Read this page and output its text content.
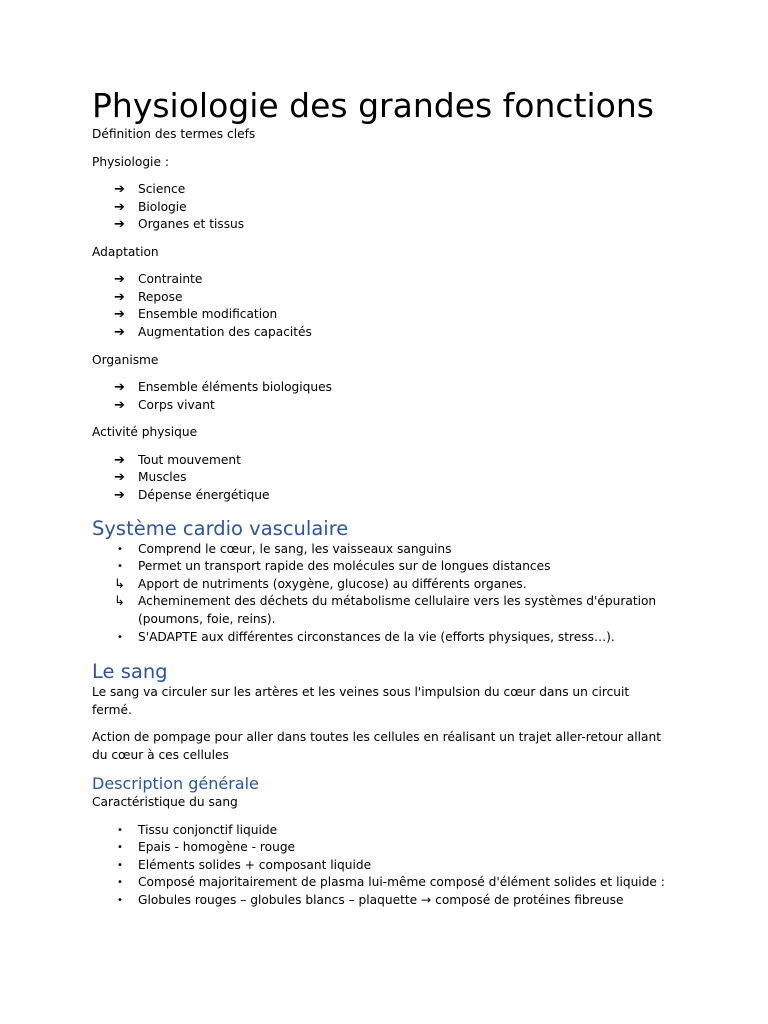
Physiologie des grandes fonctions

Définition des termes clefs

Physiologie :

➔	Science
➔	Biologie
➔	Organes et tissus

Adaptation

➔	Contrainte
➔	Repose
➔	Ensemble modification
➔	Augmentation des capacités

Organisme

➔	Ensemble éléments biologiques
➔	Corps vivant

Activité physique

➔	Tout mouvement
➔	Muscles
➔	Dépense énergétique
Système cardio vasculaire
•	Comprend le cœur, le sang, les vaisseaux sanguins
•	Permet un transport rapide des molécules sur de longues distances
↳	Apport de nutriments (oxygène, glucose) au différents organes.
↳	Acheminement des déchets du métabolisme cellulaire vers les systèmes d'épuration (poumons, foie, reins).
•	S'ADAPTE aux différentes circonstances de la vie (efforts physiques, stress…).
Le sang

Le sang va circuler sur les artères et les veines sous l'impulsion du cœur dans un circuit fermé.

Action de pompage pour aller dans toutes les cellules en réalisant un trajet aller-retour allant du cœur à ces cellules

Description générale

Caractéristique du sang

•	Tissu conjonctif liquide
•	Epais - homogène - rouge
•	Eléments solides + composant liquide
•	Composé majoritairement de plasma lui-même composé d'élément solides et liquide :
•	Globules rouges – globules blancs – plaquette → composé de protéines fibreuse
